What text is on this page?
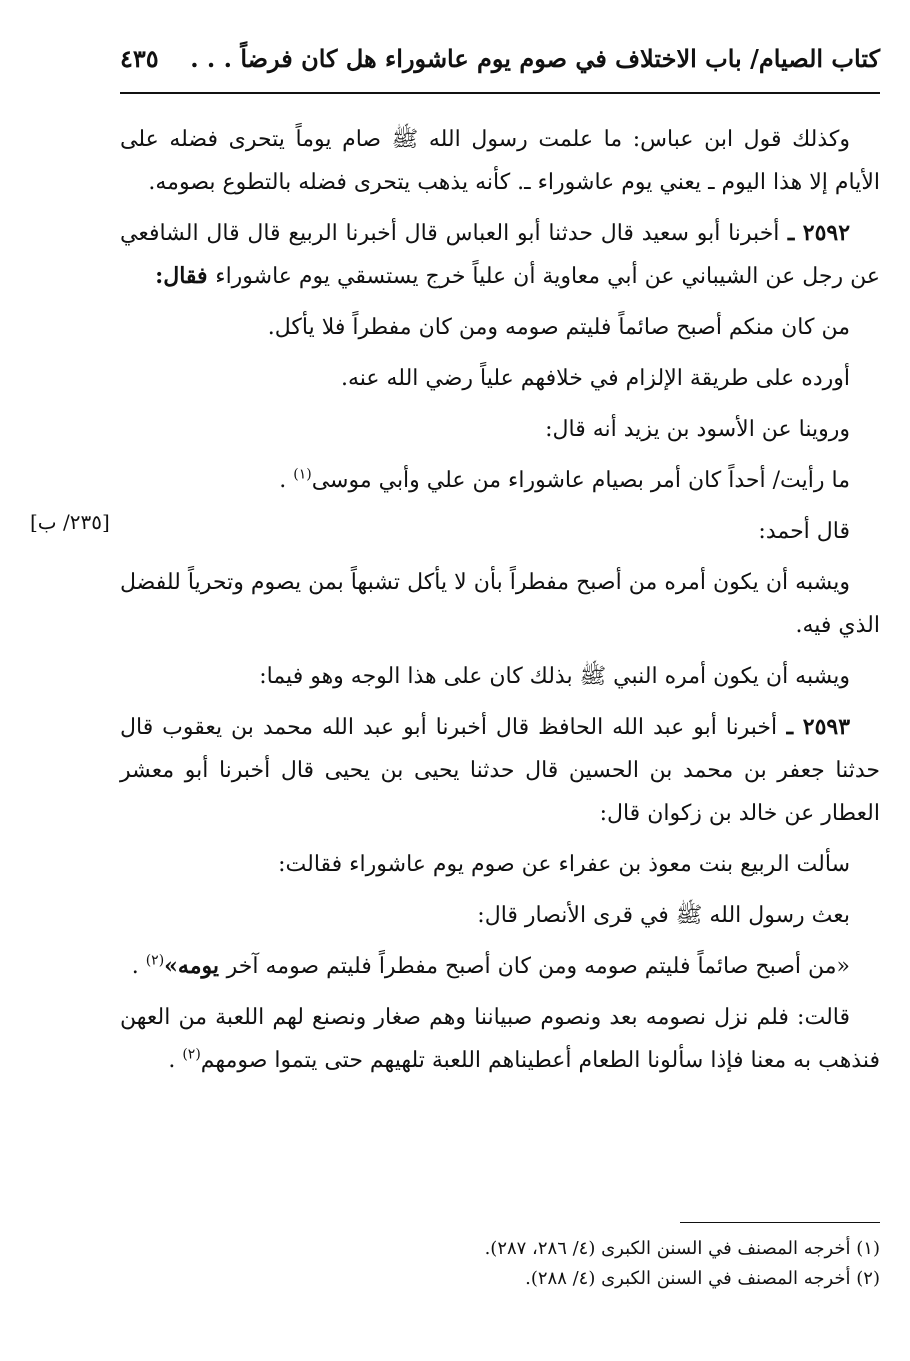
كتاب الصيام/ باب الاختلاف في صوم يوم عاشوراء هل كان فرضاً . . .
٤٣٥
[٢٣٥/ ب]

وكذلك قول ابن عباس: ما علمت رسول الله ﷺ صام يوماً يتحرى فضله على الأيام إلا هذا اليوم ـ يعني يوم عاشوراء ـ. كأنه يذهب يتحرى فضله بالتطوع بصومه.

٢٥٩٢ ـ أخبرنا أبو سعيد قال حدثنا أبو العباس قال أخبرنا الربيع قال قال الشافعي عن رجل عن الشيباني عن أبي معاوية أن علياً خرج يستسقي يوم عاشوراء فقال:

من كان منكم أصبح صائماً فليتم صومه ومن كان مفطراً فلا يأكل.

أورده على طريقة الإلزام في خلافهم علياً رضي الله عنه.

وروينا عن الأسود بن يزيد أنه قال:

ما رأيت/ أحداً كان أمر بصيام عاشوراء من علي وأبي موسى$^{(١)}$ .

قال أحمد:

ويشبه أن يكون أمره من أصبح مفطراً بأن لا يأكل تشبهاً بمن يصوم وتحرياً للفضل الذي فيه.

ويشبه أن يكون أمره النبي ﷺ بذلك كان على هذا الوجه وهو فيما:

٢٥٩٣ ـ أخبرنا أبو عبد الله الحافظ قال أخبرنا أبو عبد الله محمد بن يعقوب قال حدثنا جعفر بن محمد بن الحسين قال حدثنا يحيى بن يحيى قال أخبرنا أبو معشر العطار عن خالد بن زكوان قال:

سألت الربيع بنت معوذ بن عفراء عن صوم يوم عاشوراء فقالت:

بعث رسول الله ﷺ في قرى الأنصار قال:

«من أصبح صائماً فليتم صومه ومن كان أصبح مفطراً فليتم صومه آخر يومه»$^{(٢)}$ .

قالت: فلم نزل نصومه بعد ونصوم صبياننا وهم صغار ونصنع لهم اللعبة من العهن فنذهب به معنا فإذا سألونا الطعام أعطيناهم اللعبة تلهيهم حتى يتموا صومهم$^{(٢)}$ .

(١) أخرجه المصنف في السنن الكبرى (٤/ ٢٨٦، ٢٨٧).
(٢) أخرجه المصنف في السنن الكبرى (٤/ ٢٨٨).
